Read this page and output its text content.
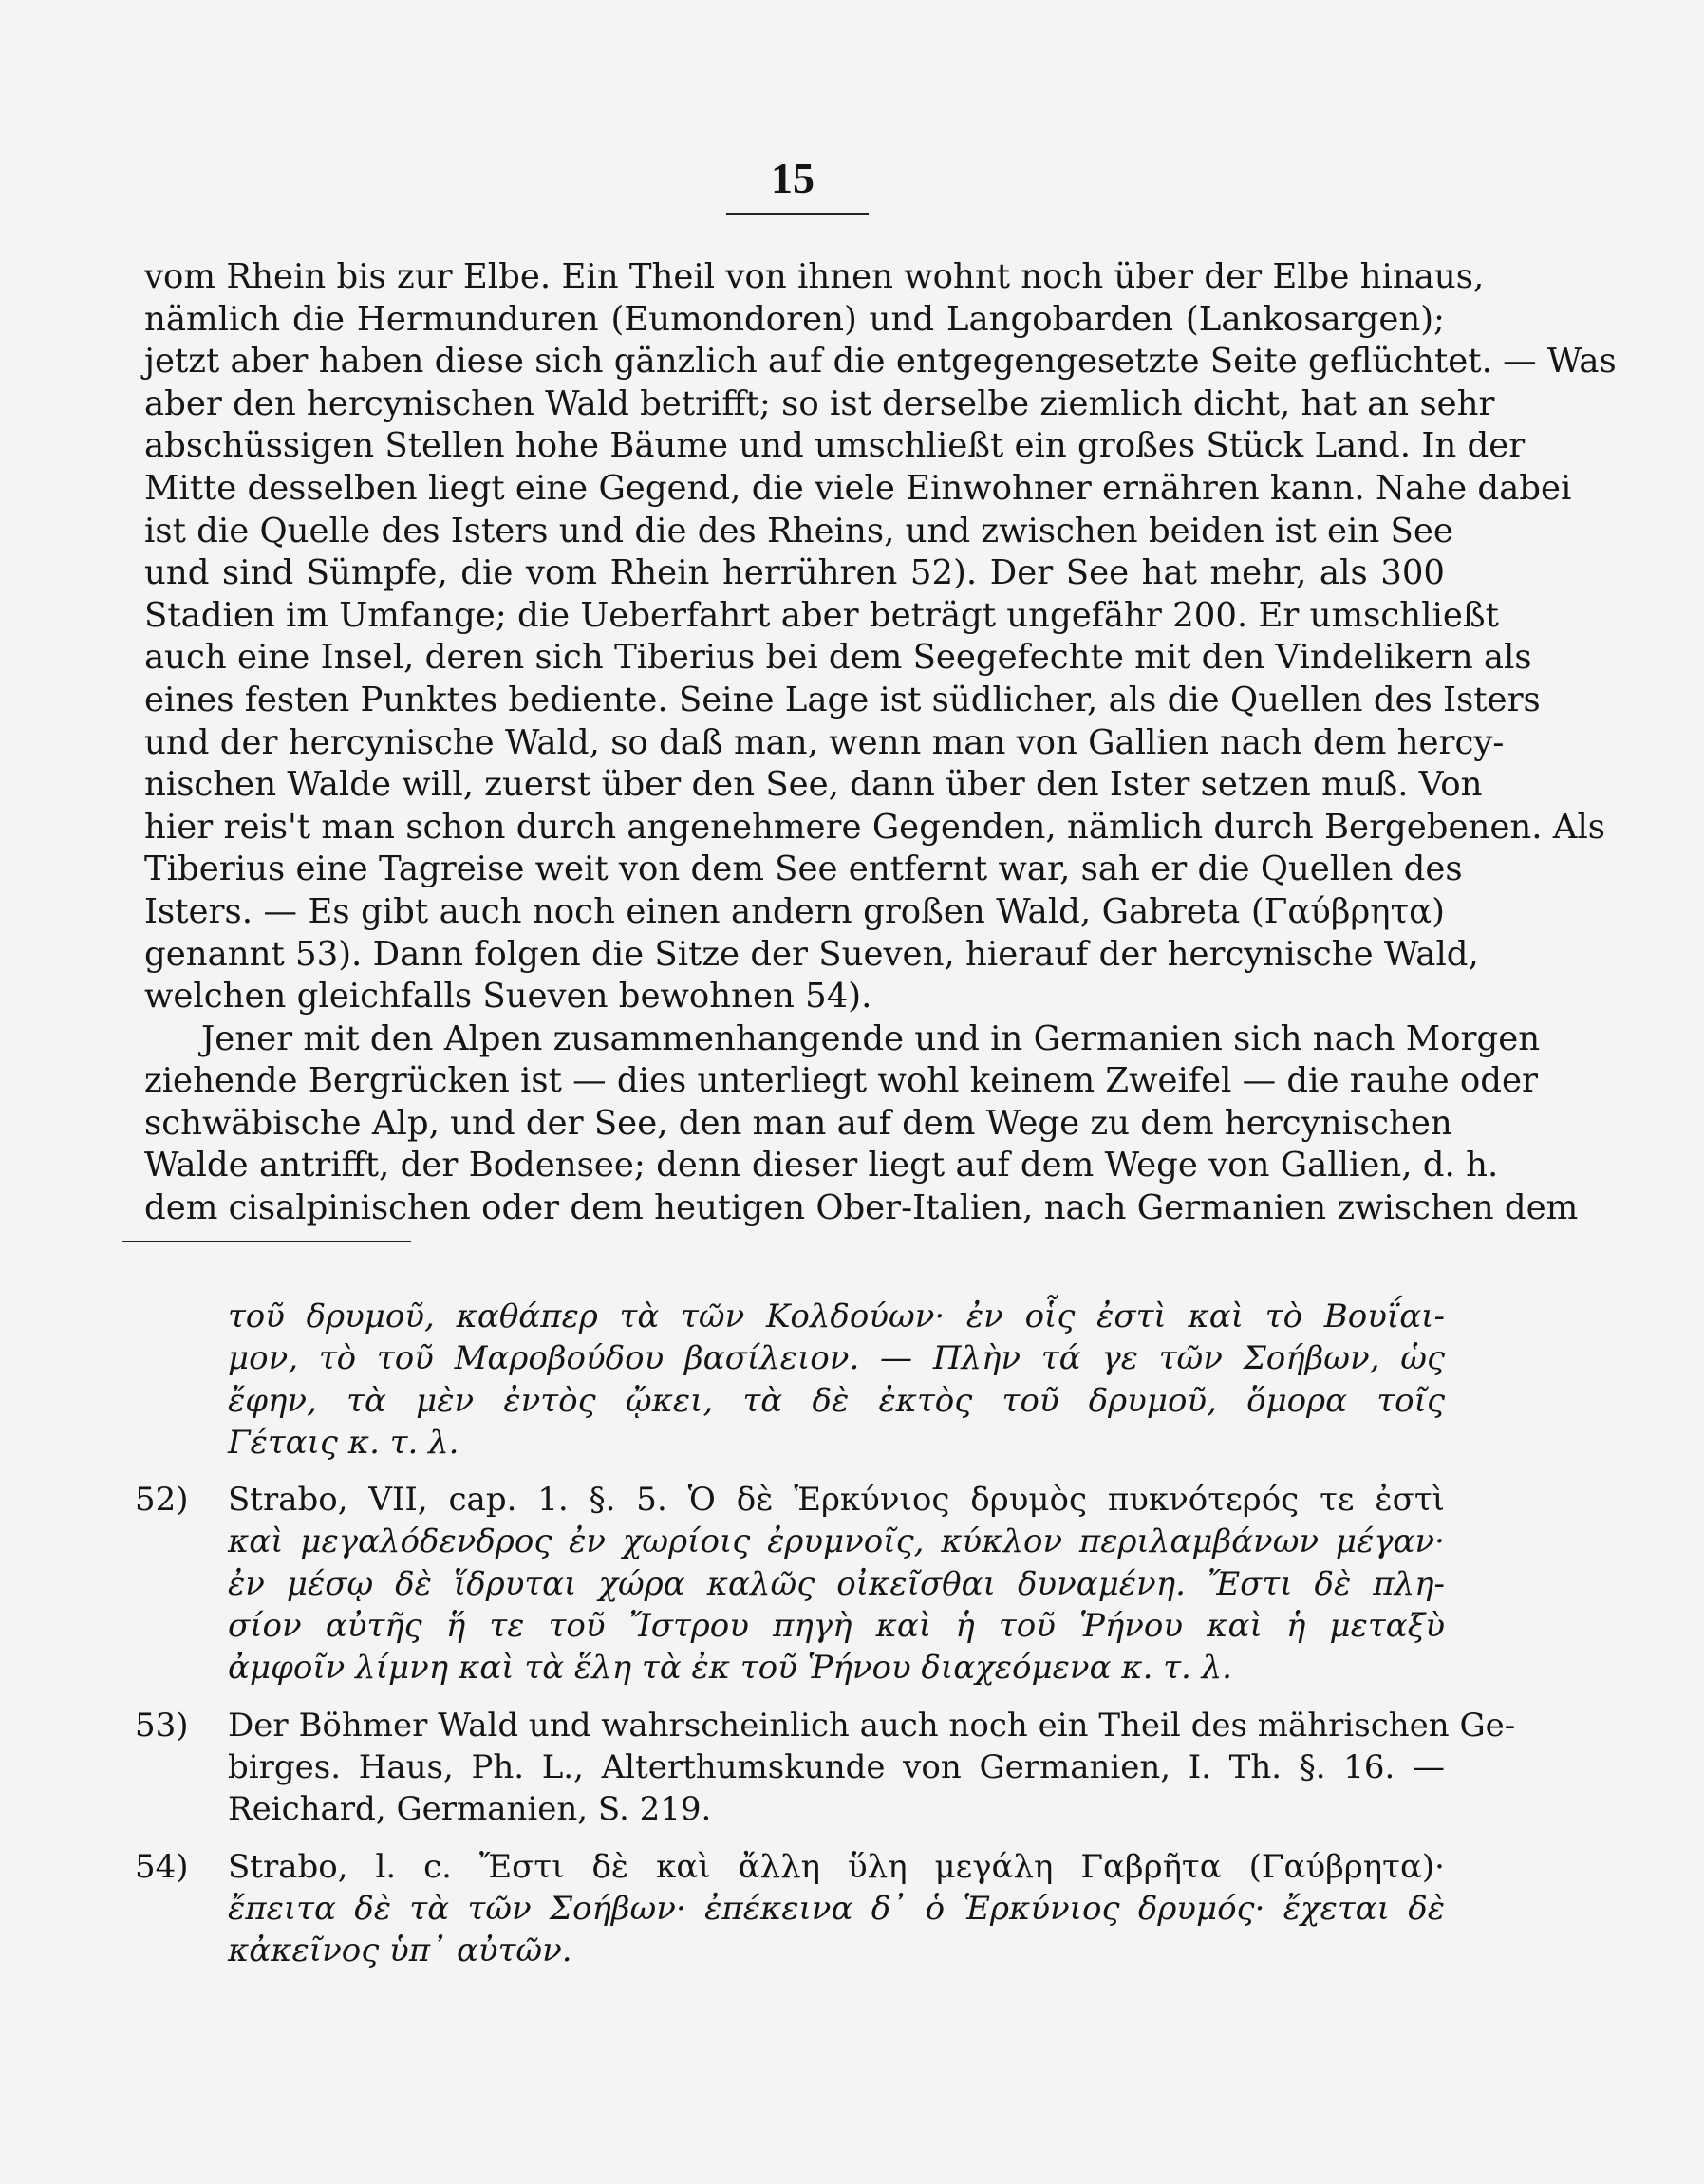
15
vom Rhein bis zur Elbe. Ein Theil von ihnen wohnt noch über der Elbe hinaus,
nämlich die Hermunduren (Eumondoren) und Langobarden (Lankosargen);
jetzt aber haben diese sich gänzlich auf die entgegengesetzte Seite geflüchtet. — Was
aber den hercynischen Wald betrifft; so ist derselbe ziemlich dicht, hat an sehr
abschüssigen Stellen hohe Bäume und umschließt ein großes Stück Land. In der
Mitte desselben liegt eine Gegend, die viele Einwohner ernähren kann. Nahe dabei
ist die Quelle des Isters und die des Rheins, und zwischen beiden ist ein See
und sind Sümpfe, die vom Rhein herrühren 52). Der See hat mehr, als 300
Stadien im Umfange; die Ueberfahrt aber beträgt ungefähr 200. Er umschließt
auch eine Insel, deren sich Tiberius bei dem Seegefechte mit den Vindelikern als
eines festen Punktes bediente. Seine Lage ist südlicher, als die Quellen des Isters
und der hercynische Wald, so daß man, wenn man von Gallien nach dem hercy-
nischen Walde will, zuerst über den See, dann über den Ister setzen muß. Von
hier reis't man schon durch angenehmere Gegenden, nämlich durch Bergebenen. Als
Tiberius eine Tagreise weit von dem See entfernt war, sah er die Quellen des
Isters. — Es gibt auch noch einen andern großen Wald, Gabreta (Γαύβρητα)
genannt 53). Dann folgen die Sitze der Sueven, hierauf der hercynische Wald,
welchen gleichfalls Sueven bewohnen 54).
Jener mit den Alpen zusammenhangende und in Germanien sich nach Morgen
ziehende Bergrücken ist — dies unterliegt wohl keinem Zweifel — die rauhe oder
schwäbische Alp, und der See, den man auf dem Wege zu dem hercynischen
Walde antrifft, der Bodensee; denn dieser liegt auf dem Wege von Gallien, d. h.
dem cisalpinischen oder dem heutigen Ober-Italien, nach Germanien zwischen dem
τοῦ δρυμοῦ, καθάπερ τὰ τῶν Κολδούων· ἐν οἷς ἐστὶ καὶ τὸ Βουΐαι-
μον, τὸ τοῦ Μαροβούδου βασίλειον. — Πλὴν τά γε τῶν Σοήβων, ὡς
ἔφην, τὰ μὲν ἐντὸς ᾤκει, τὰ δὲ ἐκτὸς τοῦ δρυμοῦ, ὅμορα τοῖς
Γέταις κ. τ. λ.
52) Strabo, VII, cap. 1. §. 5. Ὁ δὲ Ἑρκύνιος δρυμὸς πυκνότερός τε ἐστὶ
καὶ μεγαλόδενδρος ἐν χωρίοις ἐρυμνοῖς, κύκλον περιλαμβάνων μέγαν·
ἐν μέσῳ δὲ ἵδρυται χώρα καλῶς οἰκεῖσθαι δυναμένη. Ἔστι δὲ πλη-
σίον αὐτῆς ἥ τε τοῦ Ἴστρου πηγὴ καὶ ἡ τοῦ Ῥήνου καὶ ἡ μεταξὺ
ἀμφοῖν λίμνη καὶ τὰ ἕλη τὰ ἐκ τοῦ Ῥήνου διαχεόμενα κ. τ. λ.
53) Der Böhmer Wald und wahrscheinlich auch noch ein Theil des mährischen Ge-
birges. Haus, Ph. L., Alterthumskunde von Germanien, I. Th. §. 16. —
Reichard, Germanien, S. 219.
54) Strabo, l. c. Ἔστι δὲ καὶ ἄλλη ὕλη μεγάλη Γαβρῆτα (Γαύβρητα)·
ἔπειτα δὲ τὰ τῶν Σοήβων· ἐπέκεινα δ᾽ ὁ Ἑρκύνιος δρυμός· ἔχεται δὲ
κἀκεῖνος ὑπ᾽ αὐτῶν.
